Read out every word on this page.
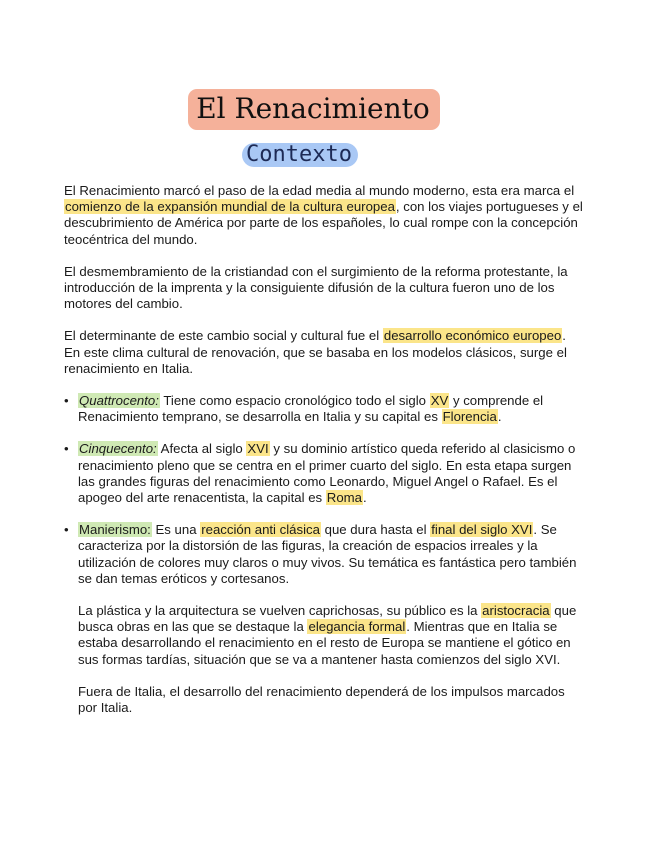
El Renacimiento
Contexto

El Renacimiento marcó el paso de la edad media al mundo moderno, esta era marca el comienzo de la expansión mundial de la cultura europea, con los viajes portugueses y el descubrimiento de América por parte de los españoles, lo cual rompe con la concepción teocéntrica del mundo.

El desmembramiento de la cristiandad con el surgimiento de la reforma protestante, la introducción de la imprenta y la consiguiente difusión de la cultura fueron uno de los motores del cambio.

El determinante de este cambio social y cultural fue el desarrollo económico europeo. En este clima cultural de renovación, que se basaba en los modelos clásicos, surge el renacimiento en Italia.

• Quattrocento: Tiene como espacio cronológico todo el siglo XV y comprende el Renacimiento temprano, se desarrolla en Italia y su capital es Florencia.
• Cinquecento: Afecta al siglo XVI y su dominio artístico queda referido al clasicismo o renacimiento pleno que se centra en el primer cuarto del siglo. En esta etapa surgen las grandes figuras del renacimiento como Leonardo, Miguel Angel o Rafael. Es el apogeo del arte renacentista, la capital es Roma.
• Manierismo: Es una reacción anti clásica que dura hasta el final del siglo XVI. Se caracteriza por la distorsión de las figuras, la creación de espacios irreales y la utilización de colores muy claros o muy vivos. Su temática es fantástica pero también se dan temas eróticos y cortesanos.

La plástica y la arquitectura se vuelven caprichosas, su público es la aristocracia que busca obras en las que se destaque la elegancia formal. Mientras que en Italia se estaba desarrollando el renacimiento en el resto de Europa se mantiene el gótico en sus formas tardías, situación que se va a mantener hasta comienzos del siglo XVI.

Fuera de Italia, el desarrollo del renacimiento dependerá de los impulsos marcados por Italia.
